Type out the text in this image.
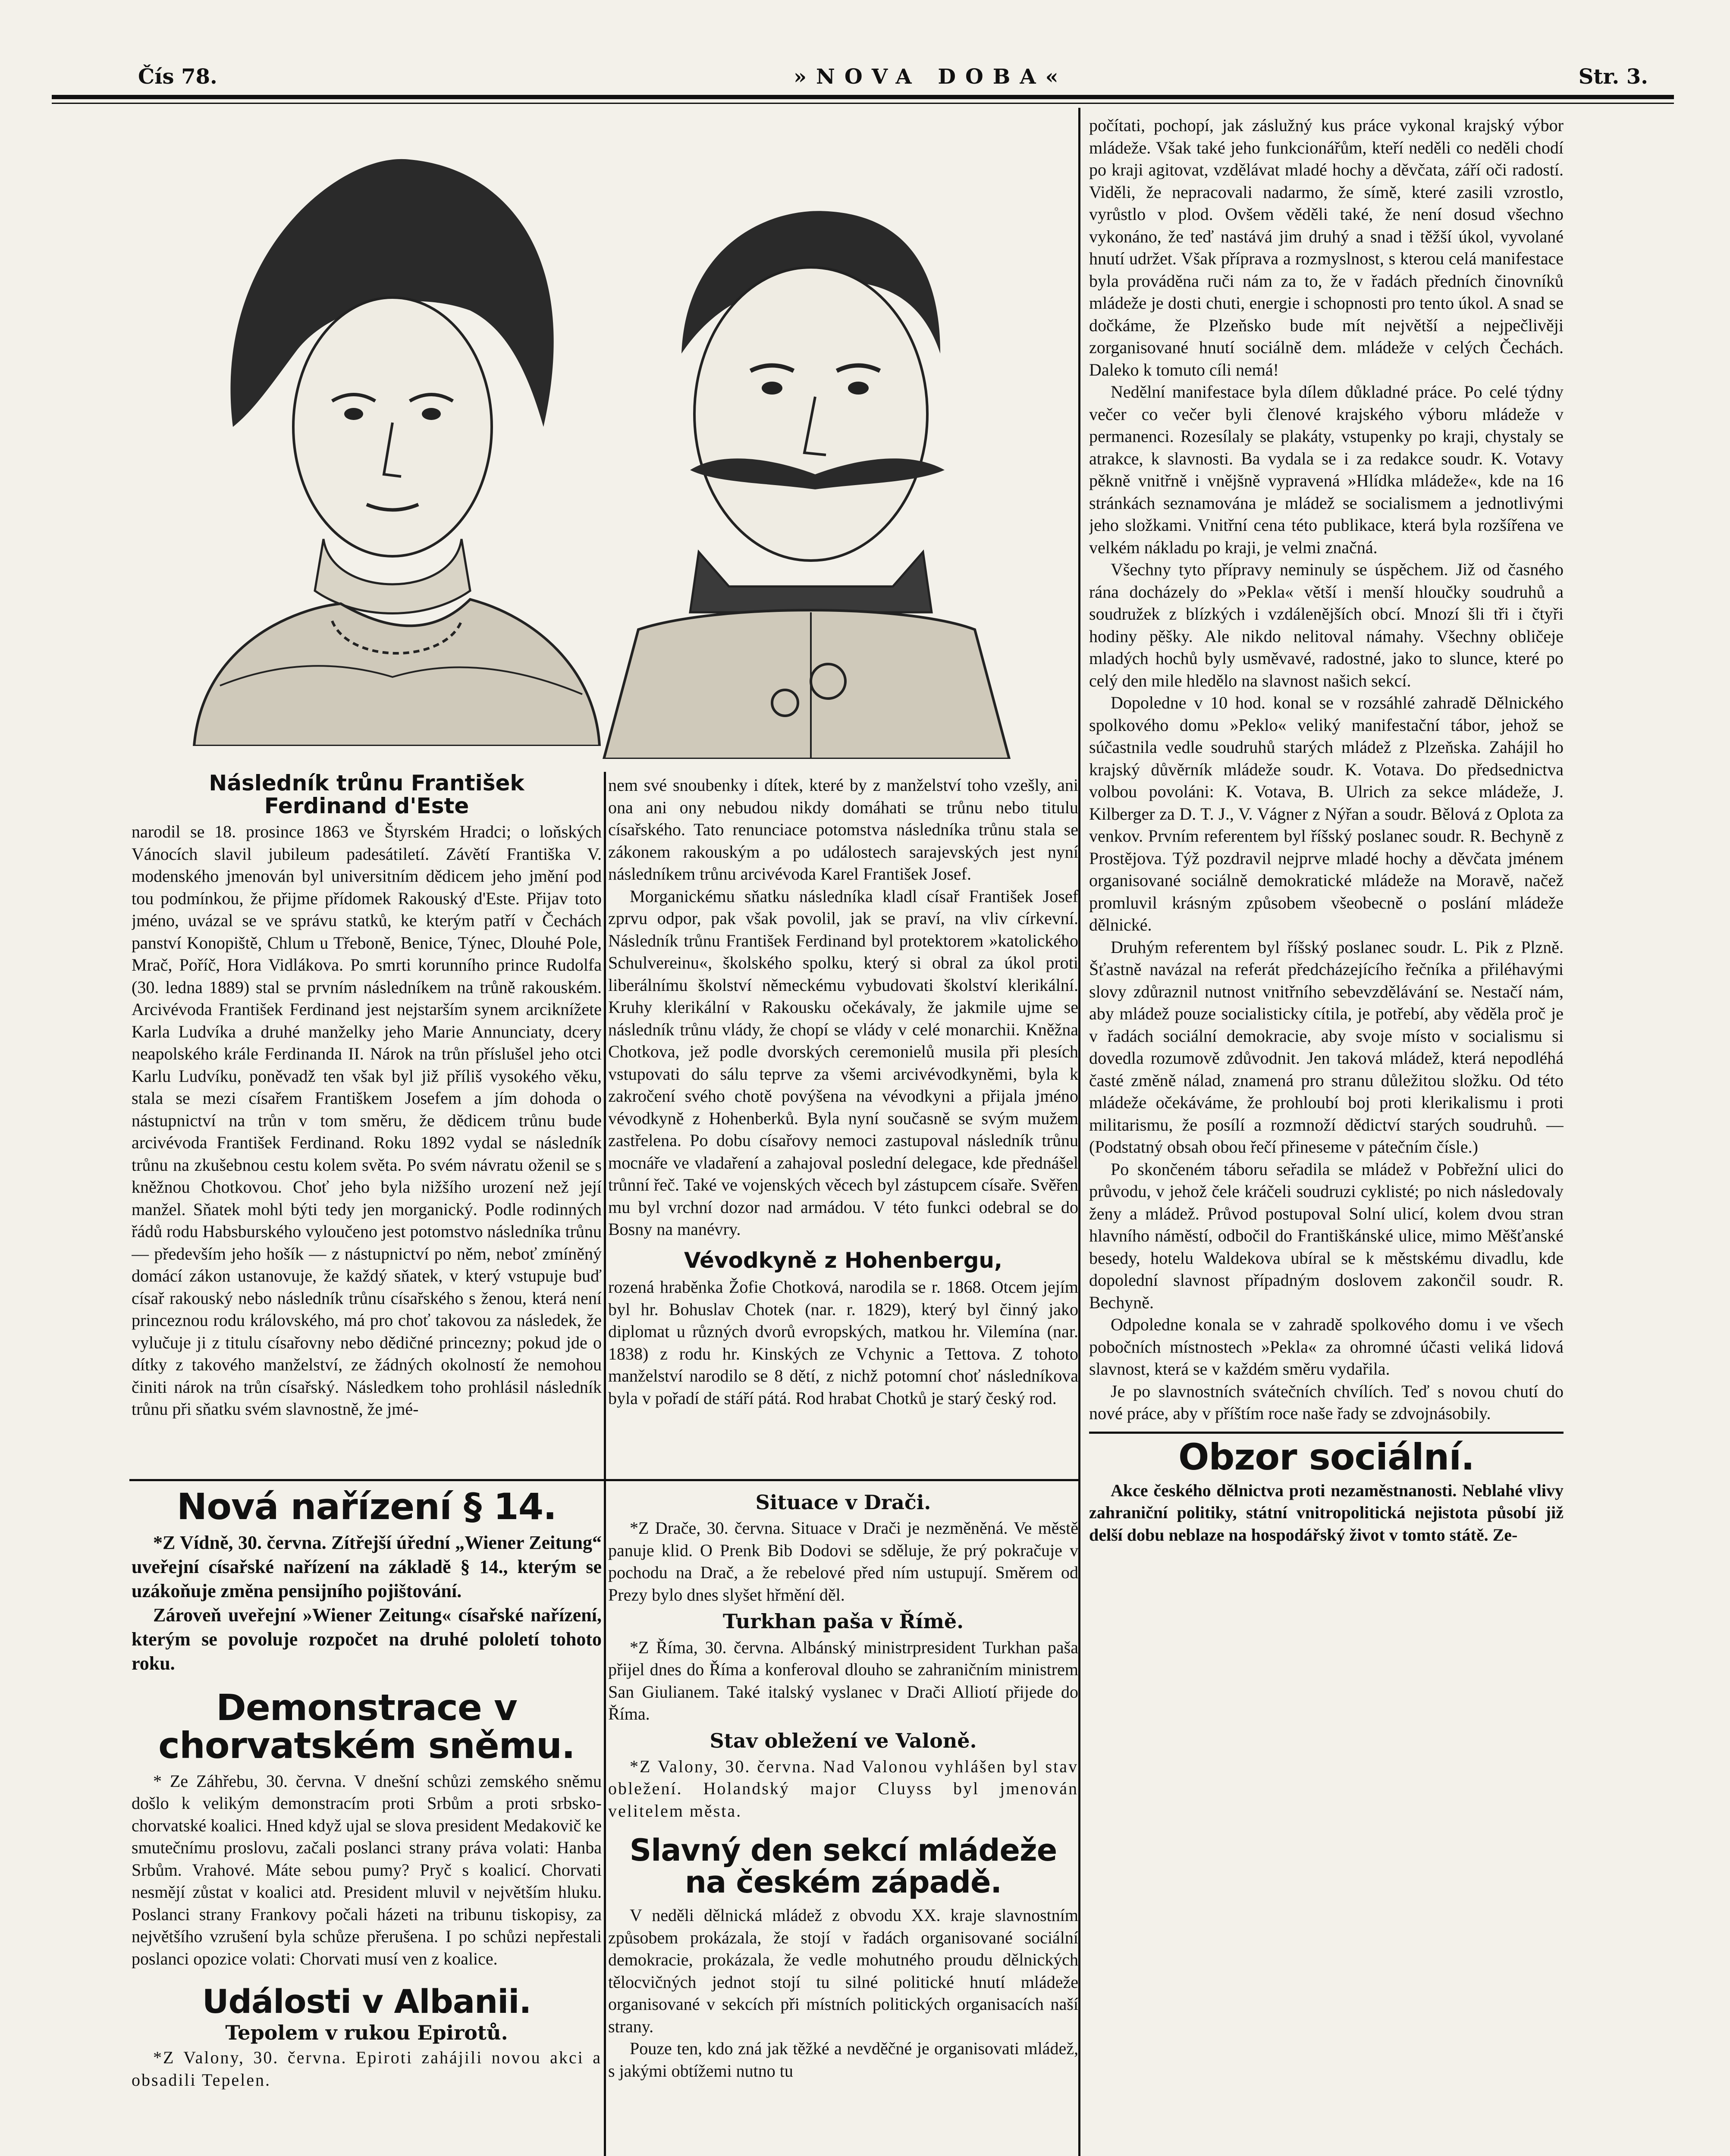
Čís 78.	»NOVA DOBA«	Str. 3.

Následník trůnu František Ferdinand d'Este

narodil se 18. prosince 1863 ve Štyrském Hradci; o loňských Vánocích slavil jubileum padesátiletí. Závětí Františka V. modenského jmenován byl universitním dědicem jeho jmění pod tou podmínkou, že přijme přídomek Rakouský d'Este. Přijav toto jméno, uvázal se ve správu statků, ke kterým patří v Čechách panství Konopiště, Chlum u Třeboně, Benice, Týnec, Dlouhé Pole, Mrač, Poříč, Hora Vidlákova. Po smrti korunního prince Rudolfa (30. ledna 1889) stal se prvním následníkem na trůně rakouském. Arcivévoda František Ferdinand jest nejstarším synem arciknížete Karla Ludvíka a druhé manželky jeho Marie Annunciaty, dcery neapolského krále Ferdinanda II. Nárok na trůn příslušel jeho otci Karlu Ludvíku, poněvadž ten však byl již příliš vysokého věku, stala se mezi císařem Františkem Josefem a jím dohoda o nástupnictví na trůn v tom směru, že dědicem trůnu bude arcivévoda František Ferdinand. Roku 1892 vydal se následník trůnu na zkušebnou cestu kolem světa. Po svém návratu oženil se s kněžnou Chotkovou. Choť jeho byla nižšího urození než její manžel. Sňatek mohl býti tedy jen morganický. Podle rodinných řádů rodu Habsburského vyloučeno jest potomstvo následníka trůnu — především jeho hošík — z nástupnictví po něm, neboť zmíněný domácí zákon ustanovuje, že každý sňatek, v který vstupuje buď císař rakouský nebo následník trůnu císařského s ženou, která není princeznou rodu královského, má pro choť takovou za následek, že vylučuje ji z titulu císařovny nebo dědičné princezny; pokud jde o dítky z takového manželství, ze žádných okolností že nemohou činiti nárok na trůn císařský. Následkem toho prohlásil následník trůnu při sňatku svém slavnostně, že jmé-

nem své snoubenky i dítek, které by z manželství toho vzešly, ani ona ani ony nebudou nikdy domáhati se trůnu nebo titulu císařského. Tato renunciace potomstva následníka trůnu stala se zákonem rakouským a po událostech sarajevských jest nyní následníkem trůnu arcivévoda Karel František Josef.

Morganickému sňatku následníka kladl císař František Josef zprvu odpor, pak však povolil, jak se praví, na vliv církevní. Následník trůnu František Ferdinand byl protektorem »katolického Schulvereinu«, školského spolku, který si obral za úkol proti liberálnímu školství německému vybudovati školství klerikální. Kruhy klerikální v Rakousku očekávaly, že jakmile ujme se následník trůnu vlády, že chopí se vlády v celé monarchii. Kněžna Chotkova, jež podle dvorských ceremonielů musila při plesích vstupovati do sálu teprve za všemi arcivévodkyněmi, byla k zakročení svého chotě povýšena na vévodkyni a přijala jméno vévodkyně z Hohenberků. Byla nyní současně se svým mužem zastřelena. Po dobu císařovy nemoci zastupoval následník trůnu mocnáře ve vladaření a zahajoval poslední delegace, kde přednášel trůnní řeč. Také ve vojenských věcech byl zástupcem císaře. Svěřen mu byl vrchní dozor nad armádou. V této funkci odebral se do Bosny na manévry.

Vévodkyně z Hohenbergu,

rozená hraběnka Žofie Chotková, narodila se r. 1868. Otcem jejím byl hr. Bohuslav Chotek (nar. r. 1829), který byl činný jako diplomat u různých dvorů evropských, matkou hr. Vilemína (nar. 1838) z rodu hr. Kinských ze Vchynic a Tettova. Z tohoto manželství narodilo se 8 dětí, z nichž potomní choť následníkova byla v pořadí de stáří pátá. Rod hrabat Chotků je starý český rod.

Nová nařízení § 14.

*Z Vídně, 30. června. Zítřejší úřední „Wiener Zeitung“ uveřejní císařské nařízení na základě § 14., kterým se uzákoňuje změna pensijního pojištování.

Zároveň uveřejní »Wiener Zeitung« císařské nařízení, kterým se povoluje rozpočet na druhé pololetí tohoto roku.

Demonstrace v chorvatském sněmu.

* Ze Záhřebu, 30. června. V dnešní schůzi zemského sněmu došlo k velikým demonstracím proti Srbům a proti srbsko-chorvatské koalici. Hned když ujal se slova president Medakovič ke smutečnímu proslovu, začali poslanci strany práva volati: Hanba Srbům. Vrahové. Máte sebou pumy? Pryč s koalicí. Chorvati nesmějí zůstat v koalici atd. President mluvil v největším hluku. Poslanci strany Frankovy počali házeti na tribunu tiskopisy, za největšího vzrušení byla schůze přerušena. I po schůzi nepřestali poslanci opozice volati: Chorvati musí ven z koalice.

Události v Albanii.

Tepolem v rukou Epirotů.

*Z Valony, 30. června. Epiroti zahájili novou akci a obsadili Tepelen.

Situace v Drači.

*Z Drače, 30. června. Situace v Drači je nezměněná. Ve městě panuje klid. O Prenk Bib Dodovi se sděluje, že prý pokračuje v pochodu na Drač, a že rebelové před ním ustupují. Směrem od Prezy bylo dnes slyšet hřmění děl.

Turkhan paša v Římě.

*Z Říma, 30. června. Albánský ministrpresident Turkhan paša přijel dnes do Říma a konferoval dlouho se zahraničním ministrem San Giulianem. Také italský vyslanec v Drači Alliotí přijede do Říma.

Stav obležení ve Valoně.

*Z Valony, 30. června. Nad Valonou vyhlášen byl stav obležení. Holandský major Cluyss byl jmenován velitelem města.

Slavný den sekcí mládeže na českém západě.

V neděli dělnická mládež z obvodu XX. kraje slavnostním způsobem prokázala, že stojí v řadách organisované sociální demokracie, prokázala, že vedle mohutného proudu dělnických tělocvičných jednot stojí tu silné politické hnutí mládeže organisované v sekcích při místních politických organisacích naší strany.

Pouze ten, kdo zná jak těžké a nevděčné je organisovati mládež, s jakými obtížemi nutno tu

počítati, pochopí, jak záslužný kus práce vykonal krajský výbor mládeže. Však také jeho funkcionářům, kteří neděli co neděli chodí po kraji agitovat, vzdělávat mladé hochy a děvčata, září oči radostí. Viděli, že nepracovali nadarmo, že símě, které zasili vzrostlo, vyrůstlo v plod. Ovšem věděli také, že není dosud všechno vykonáno, že teď nastává jim druhý a snad i těžší úkol, vyvolané hnutí udržet. Však příprava a rozmyslnost, s kterou celá manifestace byla prováděna ruči nám za to, že v řadách předních činovníků mládeže je dosti chuti, energie i schopnosti pro tento úkol. A snad se dočkáme, že Plzeňsko bude mít největší a nejpečlivěji zorganisované hnutí sociálně dem. mládeže v celých Čechách. Daleko k tomuto cíli nemá!

Nedělní manifestace byla dílem důkladné práce. Po celé týdny večer co večer byli členové krajského výboru mládeže v permanenci. Rozesílaly se plakáty, vstupenky po kraji, chystaly se atrakce, k slavnosti. Ba vydala se i za redakce soudr. K. Votavy pěkně vnitřně i vnějšně vypravená »Hlídka mládeže«, kde na 16 stránkách seznamována je mládež se socialismem a jednotlivými jeho složkami. Vnitřní cena této publikace, která byla rozšířena ve velkém nákladu po kraji, je velmi značná.

Všechny tyto přípravy neminuly se úspěchem. Již od časného rána docházely do »Pekla« větší i menší hloučky soudruhů a soudružek z blízkých i vzdálenějších obcí. Mnozí šli tři i čtyři hodiny pěšky. Ale nikdo nelitoval námahy. Všechny obličeje mladých hochů byly usměvavé, radostné, jako to slunce, které po celý den mile hledělo na slavnost našich sekcí.

Dopoledne v 10 hod. konal se v rozsáhlé zahradě Dělnického spolkového domu »Peklo« veliký manifestační tábor, jehož se súčastnila vedle soudruhů starých mládež z Plzeňska. Zahájil ho krajský důvěrník mládeže soudr. K. Votava. Do předsednictva volbou povoláni: K. Votava, B. Ulrich za sekce mládeže, J. Kilberger za D. T. J., V. Vágner z Nýřan a soudr. Bělová z Oplota za venkov. Prvním referentem byl říšský poslanec soudr. R. Bechyně z Prostějova. Týž pozdravil nejprve mladé hochy a děvčata jménem organisované sociálně demokratické mládeže na Moravě, načež promluvil krásným způsobem všeobecně o poslání mládeže dělnické.

Druhým referentem byl říšský poslanec soudr. L. Pik z Plzně. Šťastně navázal na referát předcházejícího řečníka a přiléhavými slovy zdůraznil nutnost vnitřního sebevzdělávání se. Nestačí nám, aby mládež pouze socialisticky cítila, je potřebí, aby věděla proč je v řadách sociální demokracie, aby svoje místo v socialismu si dovedla rozumově zdůvodnit. Jen taková mládež, která nepodléhá časté změně nálad, znamená pro stranu důležitou složku. Od této mládeže očekáváme, že prohloubí boj proti klerikalismu i proti militarismu, že posílí a rozmnoží dědictví starých soudruhů. — (Podstatný obsah obou řečí přineseme v pátečním čísle.)

Po skončeném táboru seřadila se mládež v Pobřežní ulici do průvodu, v jehož čele kráčeli soudruzi cyklisté; po nich následovaly ženy a mládež. Průvod postupoval Solní ulicí, kolem dvou stran hlavního náměstí, odbočil do Františkánské ulice, mimo Měšťanské besedy, hotelu Waldekova ubíral se k městskému divadlu, kde dopolední slavnost případným doslovem zakončil soudr. R. Bechyně.

Odpoledne konala se v zahradě spolkového domu i ve všech pobočních místnostech »Pekla« za ohromné účasti veliká lidová slavnost, která se v každém směru vydařila.

Je po slavnostních svátečních chvílích. Teď s novou chutí do nové práce, aby v příštím roce naše řady se zdvojnásobily.

Obzor sociální.

Akce českého dělnictva proti nezaměstnanosti. Neblahé vlivy zahraniční politiky, státní vnitropolitická nejistota působí již delší dobu neblaze na hospodářský život v tomto státě. Ze-
